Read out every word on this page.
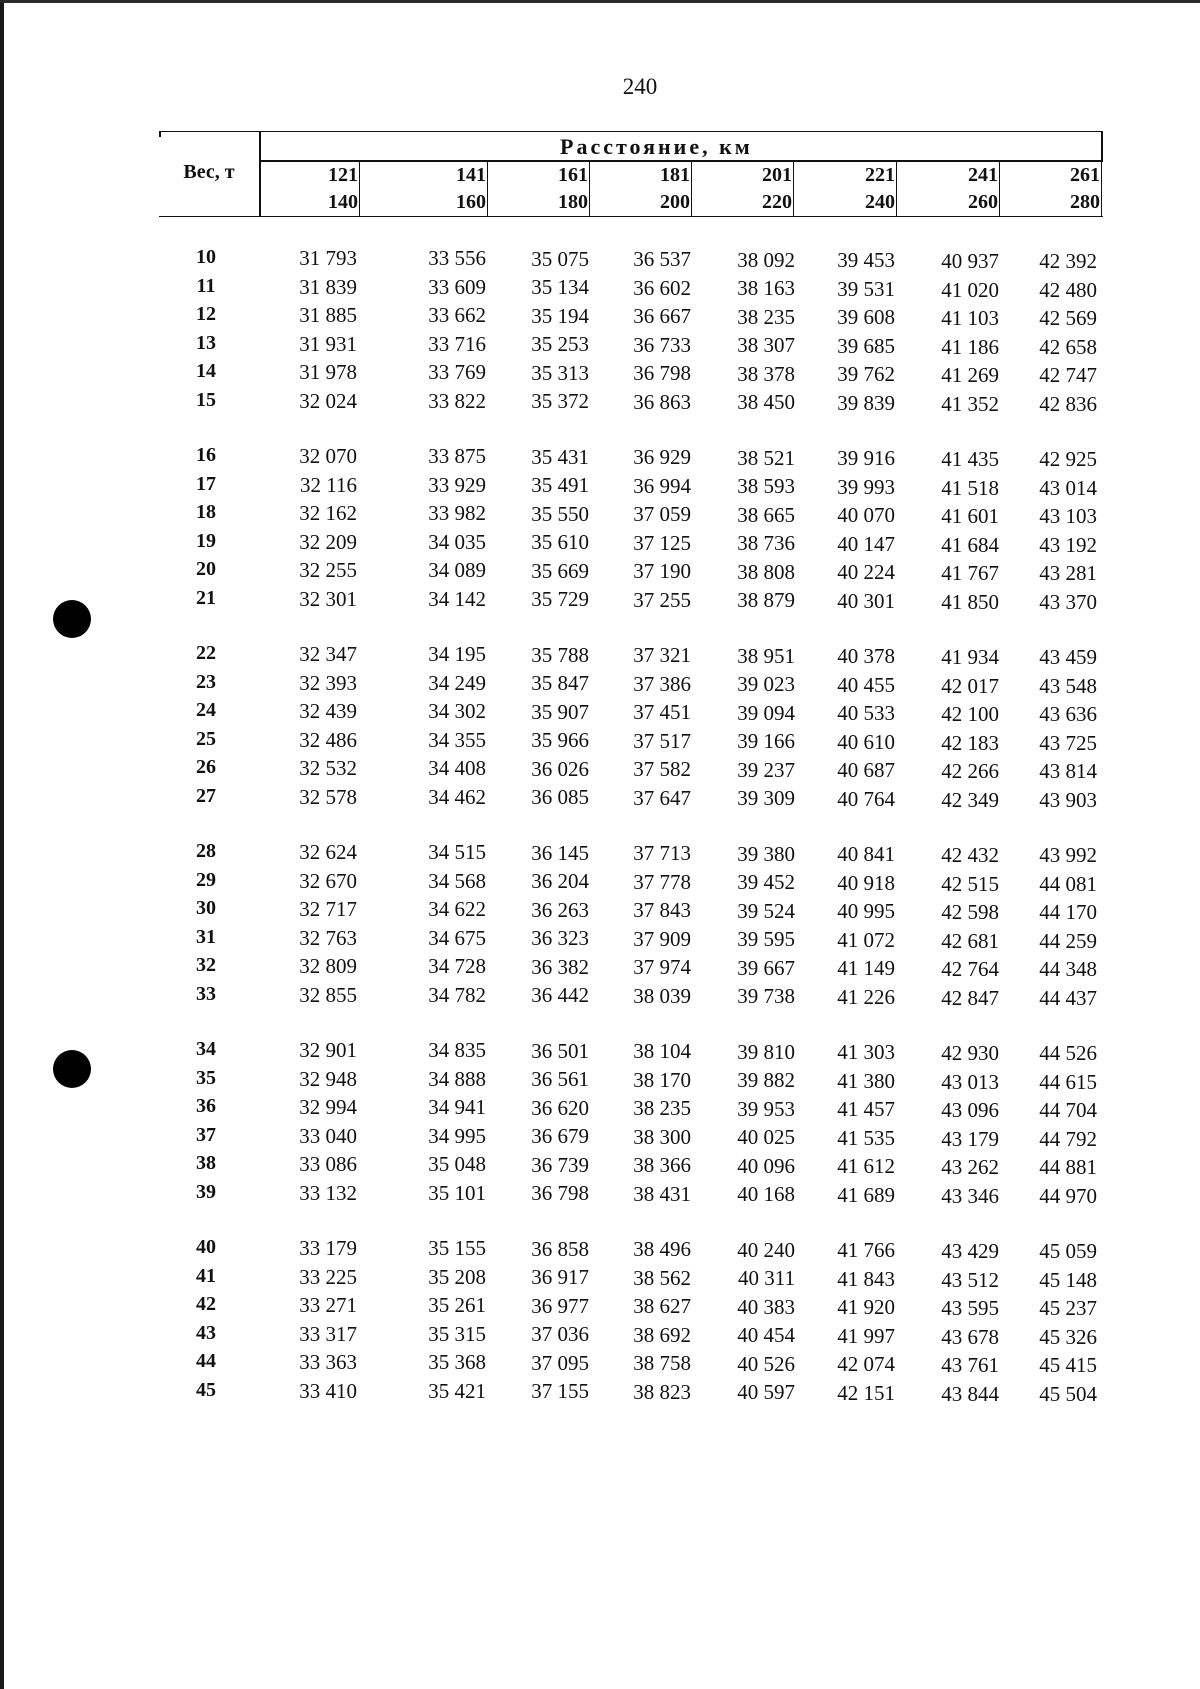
240
Вес, т
Расстояние, км
121
140
141
160
161
180
181
200
201
220
221
240
241
260
261
280
10	31 793	33 556	35 075	36 537	38 092	39 453	40 937	42 392
11	31 839	33 609	35 134	36 602	38 163	39 531	41 020	42 480
12	31 885	33 662	35 194	36 667	38 235	39 608	41 103	42 569
13	31 931	33 716	35 253	36 733	38 307	39 685	41 186	42 658
14	31 978	33 769	35 313	36 798	38 378	39 762	41 269	42 747
15	32 024	33 822	35 372	36 863	38 450	39 839	41 352	42 836
16	32 070	33 875	35 431	36 929	38 521	39 916	41 435	42 925
17	32 116	33 929	35 491	36 994	38 593	39 993	41 518	43 014
18	32 162	33 982	35 550	37 059	38 665	40 070	41 601	43 103
19	32 209	34 035	35 610	37 125	38 736	40 147	41 684	43 192
20	32 255	34 089	35 669	37 190	38 808	40 224	41 767	43 281
21	32 301	34 142	35 729	37 255	38 879	40 301	41 850	43 370
22	32 347	34 195	35 788	37 321	38 951	40 378	41 934	43 459
23	32 393	34 249	35 847	37 386	39 023	40 455	42 017	43 548
24	32 439	34 302	35 907	37 451	39 094	40 533	42 100	43 636
25	32 486	34 355	35 966	37 517	39 166	40 610	42 183	43 725
26	32 532	34 408	36 026	37 582	39 237	40 687	42 266	43 814
27	32 578	34 462	36 085	37 647	39 309	40 764	42 349	43 903
28	32 624	34 515	36 145	37 713	39 380	40 841	42 432	43 992
29	32 670	34 568	36 204	37 778	39 452	40 918	42 515	44 081
30	32 717	34 622	36 263	37 843	39 524	40 995	42 598	44 170
31	32 763	34 675	36 323	37 909	39 595	41 072	42 681	44 259
32	32 809	34 728	36 382	37 974	39 667	41 149	42 764	44 348
33	32 855	34 782	36 442	38 039	39 738	41 226	42 847	44 437
34	32 901	34 835	36 501	38 104	39 810	41 303	42 930	44 526
35	32 948	34 888	36 561	38 170	39 882	41 380	43 013	44 615
36	32 994	34 941	36 620	38 235	39 953	41 457	43 096	44 704
37	33 040	34 995	36 679	38 300	40 025	41 535	43 179	44 792
38	33 086	35 048	36 739	38 366	40 096	41 612	43 262	44 881
39	33 132	35 101	36 798	38 431	40 168	41 689	43 346	44 970
40	33 179	35 155	36 858	38 496	40 240	41 766	43 429	45 059
41	33 225	35 208	36 917	38 562	40 311	41 843	43 512	45 148
42	33 271	35 261	36 977	38 627	40 383	41 920	43 595	45 237
43	33 317	35 315	37 036	38 692	40 454	41 997	43 678	45 326
44	33 363	35 368	37 095	38 758	40 526	42 074	43 761	45 415
45	33 410	35 421	37 155	38 823	40 597	42 151	43 844	45 504
